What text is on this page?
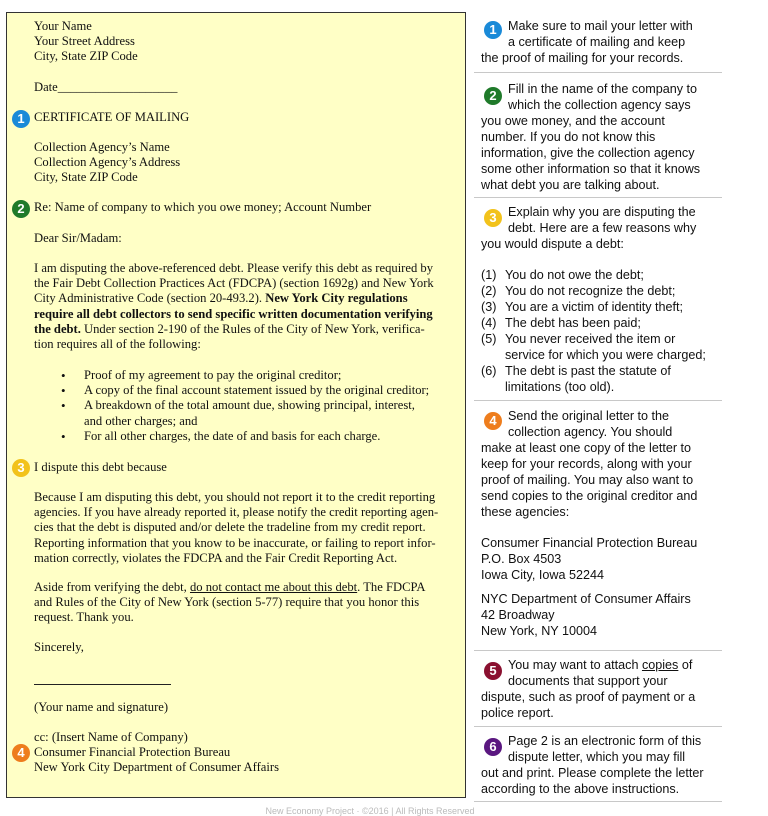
Your Name
Your Street Address
City, State ZIP Code
Date___________________
1 CERTIFICATE OF MAILING
Collection Agency’s Name
Collection Agency’s Address
City, State ZIP Code
2 Re: Name of company to which you owe money; Account Number
Dear Sir/Madam:
I am disputing the above-referenced debt. Please verify this debt as required by
the Fair Debt Collection Practices Act (FDCPA) (section 1692g) and New York
City Administrative Code (section 20-493.2). New York City regulations
require all debt collectors to send specific written documentation verifying
the debt. Under section 2-190 of the Rules of the City of New York, verifica-
tion requires all of the following:
• Proof of my agreement to pay the original creditor;
• A copy of the final account statement issued by the original creditor;
• A breakdown of the total amount due, showing principal, interest, and other charges; and
• For all other charges, the date of and basis for each charge.
3 I dispute this debt because
Because I am disputing this debt, you should not report it to the credit reporting
agencies. If you have already reported it, please notify the credit reporting agen-
cies that the debt is disputed and/or delete the tradeline from my credit report.
Reporting information that you know to be inaccurate, or failing to report infor-
mation correctly, violates the FDCPA and the Fair Credit Reporting Act.
Aside from verifying the debt, do not contact me about this debt. The FDCPA
and Rules of the City of New York (section 5-77) require that you honor this
request. Thank you.
Sincerely,
(Your name and signature)
4
cc: (Insert Name of Company)
Consumer Financial Protection Bureau
New York City Department of Consumer Affairs
1 Make sure to mail your letter with
a certificate of mailing and keep
the proof of mailing for your records.
2 Fill in the name of the company to
which the collection agency says
you owe money, and the account
number. If you do not know this
information, give the collection agency
some other information so that it knows
what debt you are talking about.
3 Explain why you are disputing the
debt. Here are a few reasons why
you would dispute a debt:
(1) You do not owe the debt;
(2) You do not recognize the debt;
(3) You are a victim of identity theft;
(4) The debt has been paid;
(5) You never received the item or
service for which you were charged;
(6) The debt is past the statute of
limitations (too old).
4 Send the original letter to the
collection agency. You should
make at least one copy of the letter to
keep for your records, along with your
proof of mailing. You may also want to
send copies to the original creditor and
these agencies:
Consumer Financial Protection Bureau
P.O. Box 4503
Iowa City, Iowa 52244
NYC Department of Consumer Affairs
42 Broadway
New York, NY 10004
5 You may want to attach copies of
documents that support your
dispute, such as proof of payment or a
police report.
6 Page 2 is an electronic form of this
dispute letter, which you may fill
out and print. Please complete the letter
according to the above instructions.
New Economy Project · ©2016 | All Rights Reserved
